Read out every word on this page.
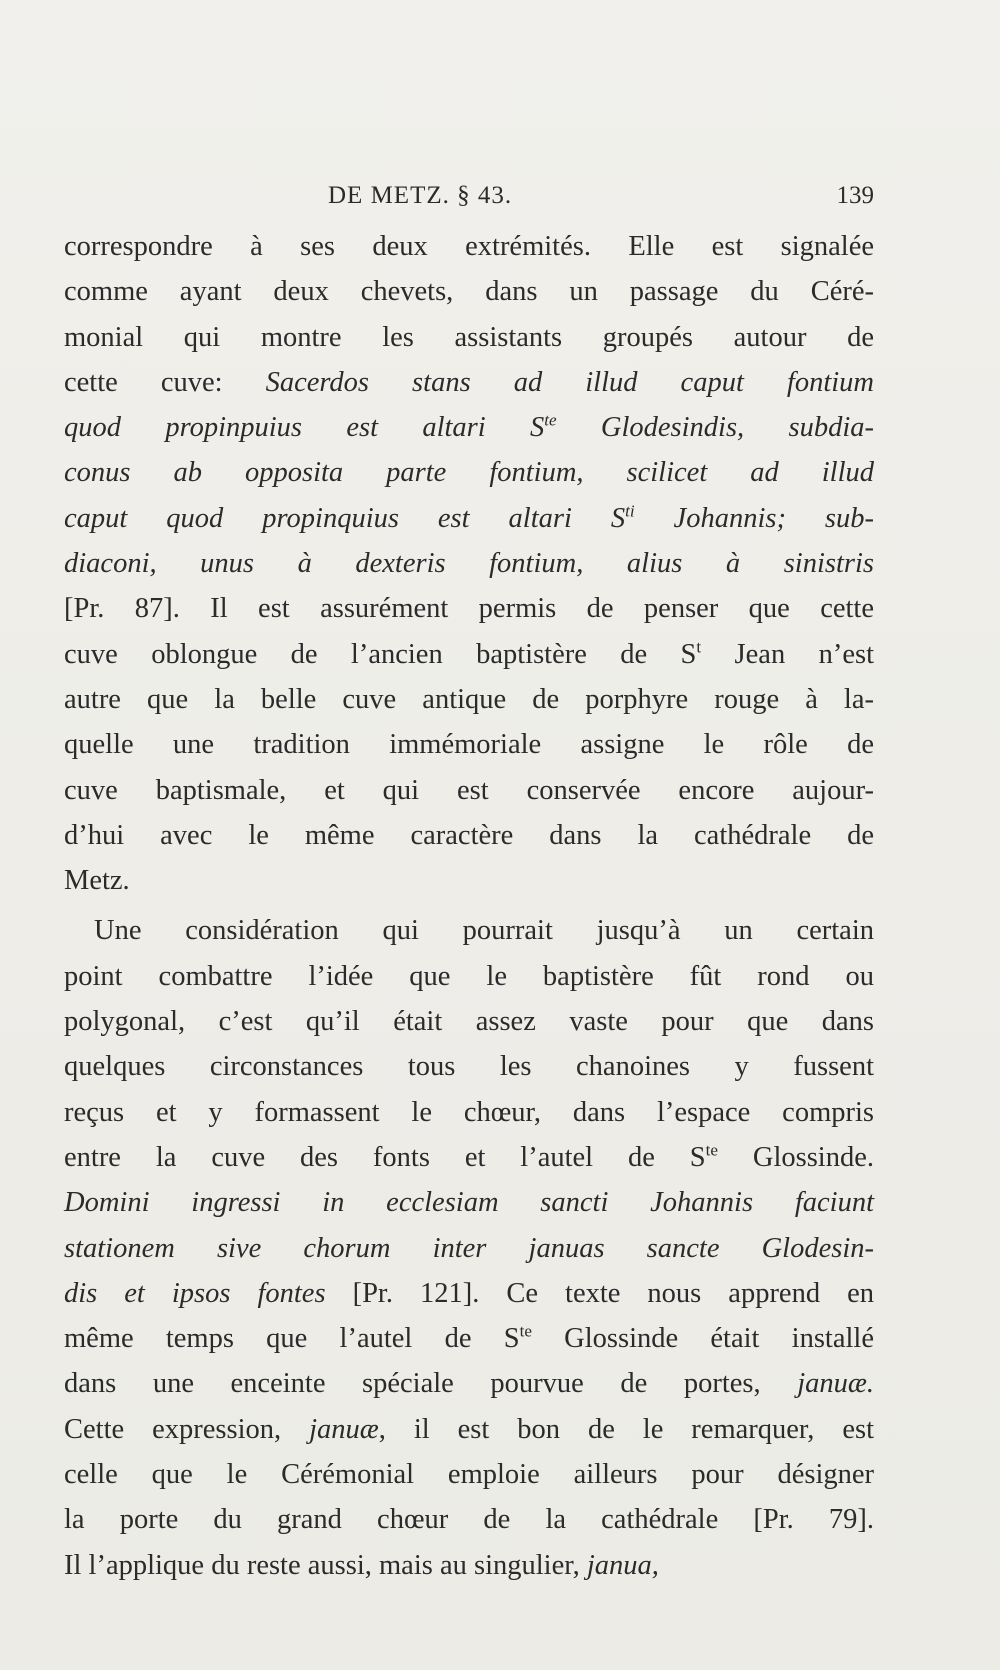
DE METZ. § 43.	139
correspondre à ses deux extrémités. Elle est signalée
comme ayant deux chevets, dans un passage du Céré-
monial qui montre les assistants groupés autour de
cette cuve: Sacerdos stans ad illud caput fontium
quod propinpuius est altari $S^{te}$ Glodesindis, subdia-
conus ab opposita parte fontium, scilicet ad illud
caput quod propinquius est altari $S^{ti}$ Johannis; sub-
diaconi, unus à dexteris fontium, alius à sinistris
[Pr. 87]. Il est assurément permis de penser que cette
cuve oblongue de l’ancien baptistère de $S^t$ Jean n’est
autre que la belle cuve antique de porphyre rouge à la-
quelle une tradition immémoriale assigne le rôle de
cuve baptismale, et qui est conservée encore aujour-
d’hui avec le même caractère dans la cathédrale de
Metz.
Une considération qui pourrait jusqu’à un certain
point combattre l’idée que le baptistère fût rond ou
polygonal, c’est qu’il était assez vaste pour que dans
quelques circonstances tous les chanoines y fussent
reçus et y formassent le chœur, dans l’espace compris
entre la cuve des fonts et l’autel de $S^{te}$ Glossinde.
Domini ingressi in ecclesiam sancti Johannis faciunt
stationem sive chorum inter januas sancte Glodesin-
dis et ipsos fontes [Pr. 121]. Ce texte nous apprend en
même temps que l’autel de $S^{te}$ Glossinde était installé
dans une enceinte spéciale pourvue de portes, januæ.
Cette expression, januæ, il est bon de le remarquer, est
celle que le Cérémonial emploie ailleurs pour désigner
la porte du grand chœur de la cathédrale [Pr. 79].
Il l’applique du reste aussi, mais au singulier, janua,
